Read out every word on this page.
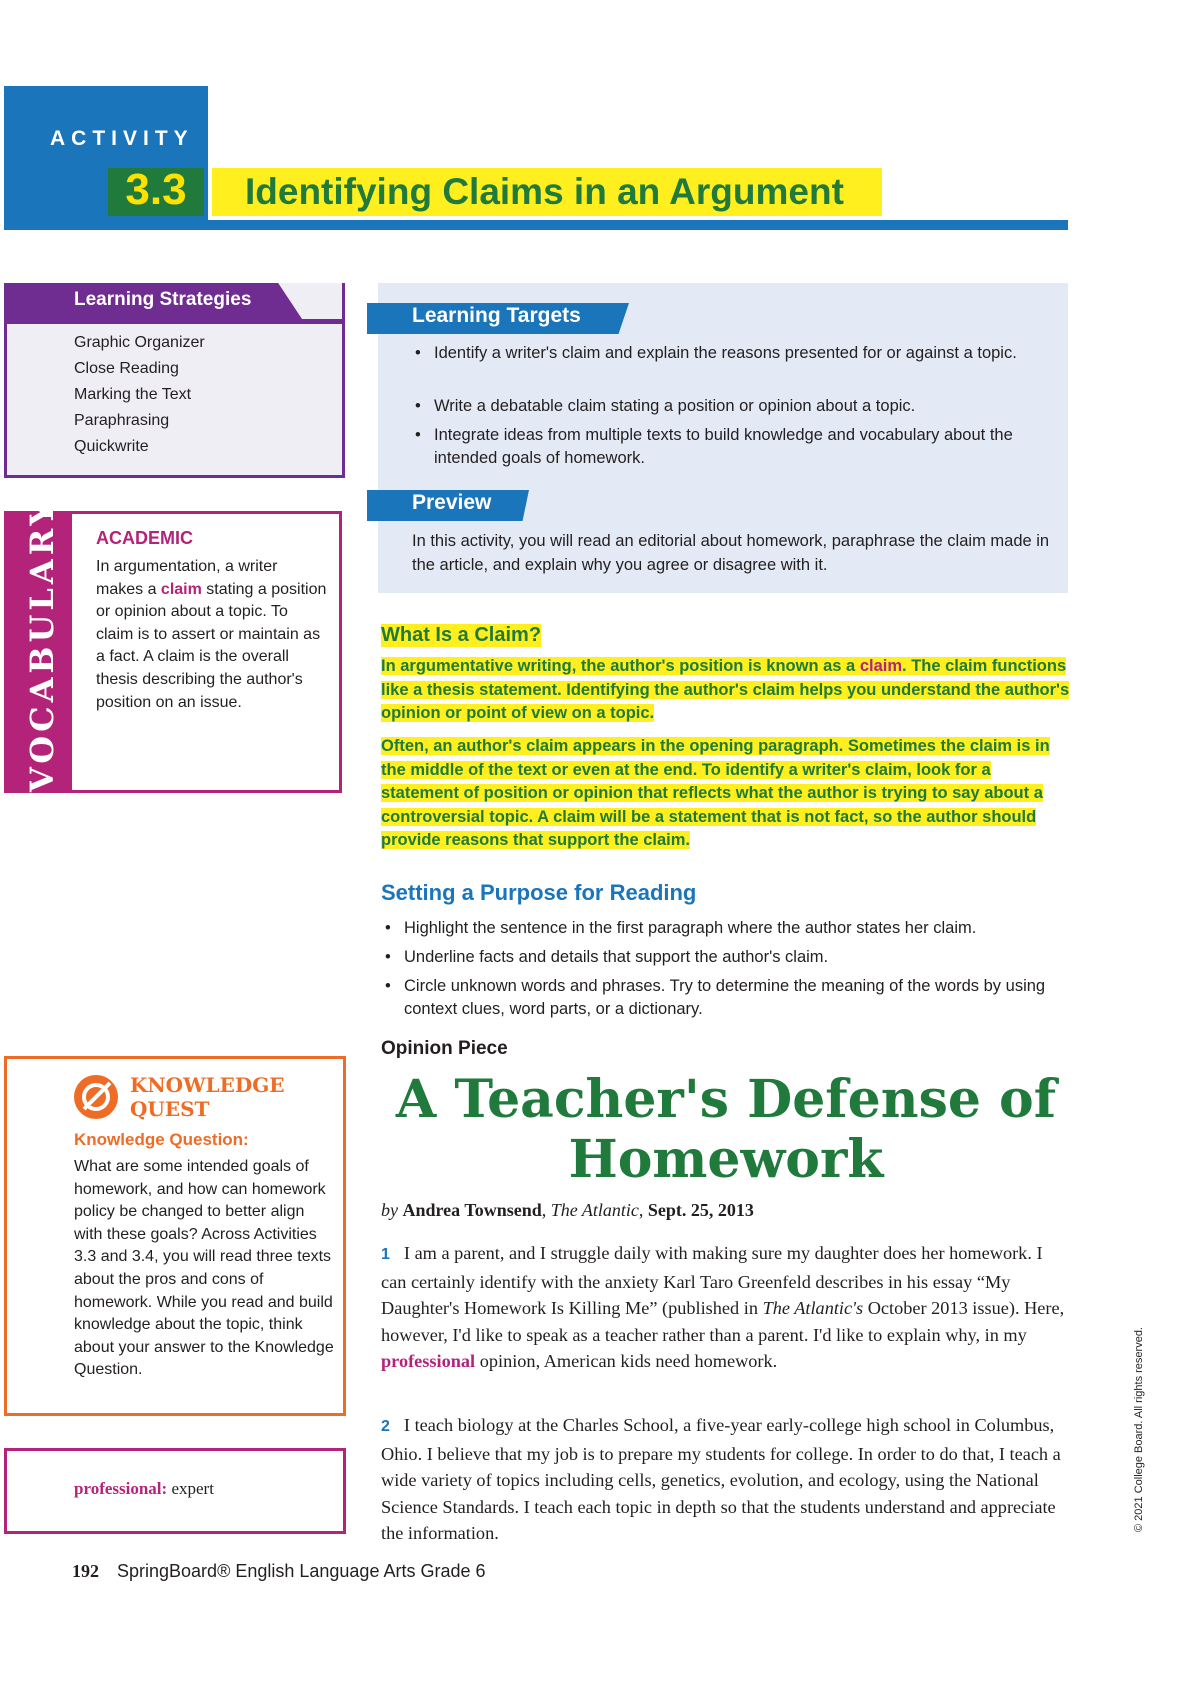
ACTIVITY
3.3	Identifying Claims in an Argument
Learning Strategies
Graphic Organizer
Close Reading
Marking the Text
Paraphrasing
Quickwrite
VOCABULARY	ACADEMIC
In argumentation, a writer makes a claim stating a position or opinion about a topic. To claim is to assert or maintain as a fact. A claim is the overall thesis describing the author's position on an issue.
Learning Targets
• Identify a writer's claim and explain the reasons presented for or against a topic.
• Write a debatable claim stating a position or opinion about a topic.
• Integrate ideas from multiple texts to build knowledge and vocabulary about the intended goals of homework.
In this activity, you will read an editorial about homework, paraphrase the claim made in the article, and explain why you agree or disagree with it.
Preview
What Is a Claim?
In argumentative writing, the author's position is known as a claim. The claim functions like a thesis statement. Identifying the author's claim helps you understand the author's opinion or point of view on a topic.
Often, an author's claim appears in the opening paragraph. Sometimes the claim is in the middle of the text or even at the end. To identify a writer's claim, look for a statement of position or opinion that reflects what the author is trying to say about a controversial topic. A claim will be a statement that is not fact, so the author should provide reasons that support the claim.
Setting a Purpose for Reading
• Highlight the sentence in the first paragraph where the author states her claim.
• Underline facts and details that support the author's claim.
• Circle unknown words and phrases. Try to determine the meaning of the words by using context clues, word parts, or a dictionary.
Opinion Piece
A Teacher's Defense of Homework
by Andrea Townsend, The Atlantic, Sept. 25, 2013
1 I am a parent, and I struggle daily with making sure my daughter does her homework. I can certainly identify with the anxiety Karl Taro Greenfeld describes in his essay “My Daughter's Homework Is Killing Me” (published in The Atlantic's October 2013 issue). Here, however, I'd like to speak as a teacher rather than a parent. I'd like to explain why, in my professional opinion, American kids need homework.
2 I teach biology at the Charles School, a five-year early-college high school in Columbus, Ohio. I believe that my job is to prepare my students for college. In order to do that, I teach a wide variety of topics including cells, genetics, evolution, and ecology, using the National Science Standards. I teach each topic in depth so that the students understand and appreciate the information.
KNOWLEDGE
QUEST
Knowledge Question:
What are some intended goals of homework, and how can homework policy be changed to better align with these goals? Across Activities 3.3 and 3.4, you will read three texts about the pros and cons of homework. While you read and build knowledge about the topic, think about your answer to the Knowledge Question.
professional: expert
192 SpringBoard® English Language Arts Grade 6
© 2021 College Board. All rights reserved.
